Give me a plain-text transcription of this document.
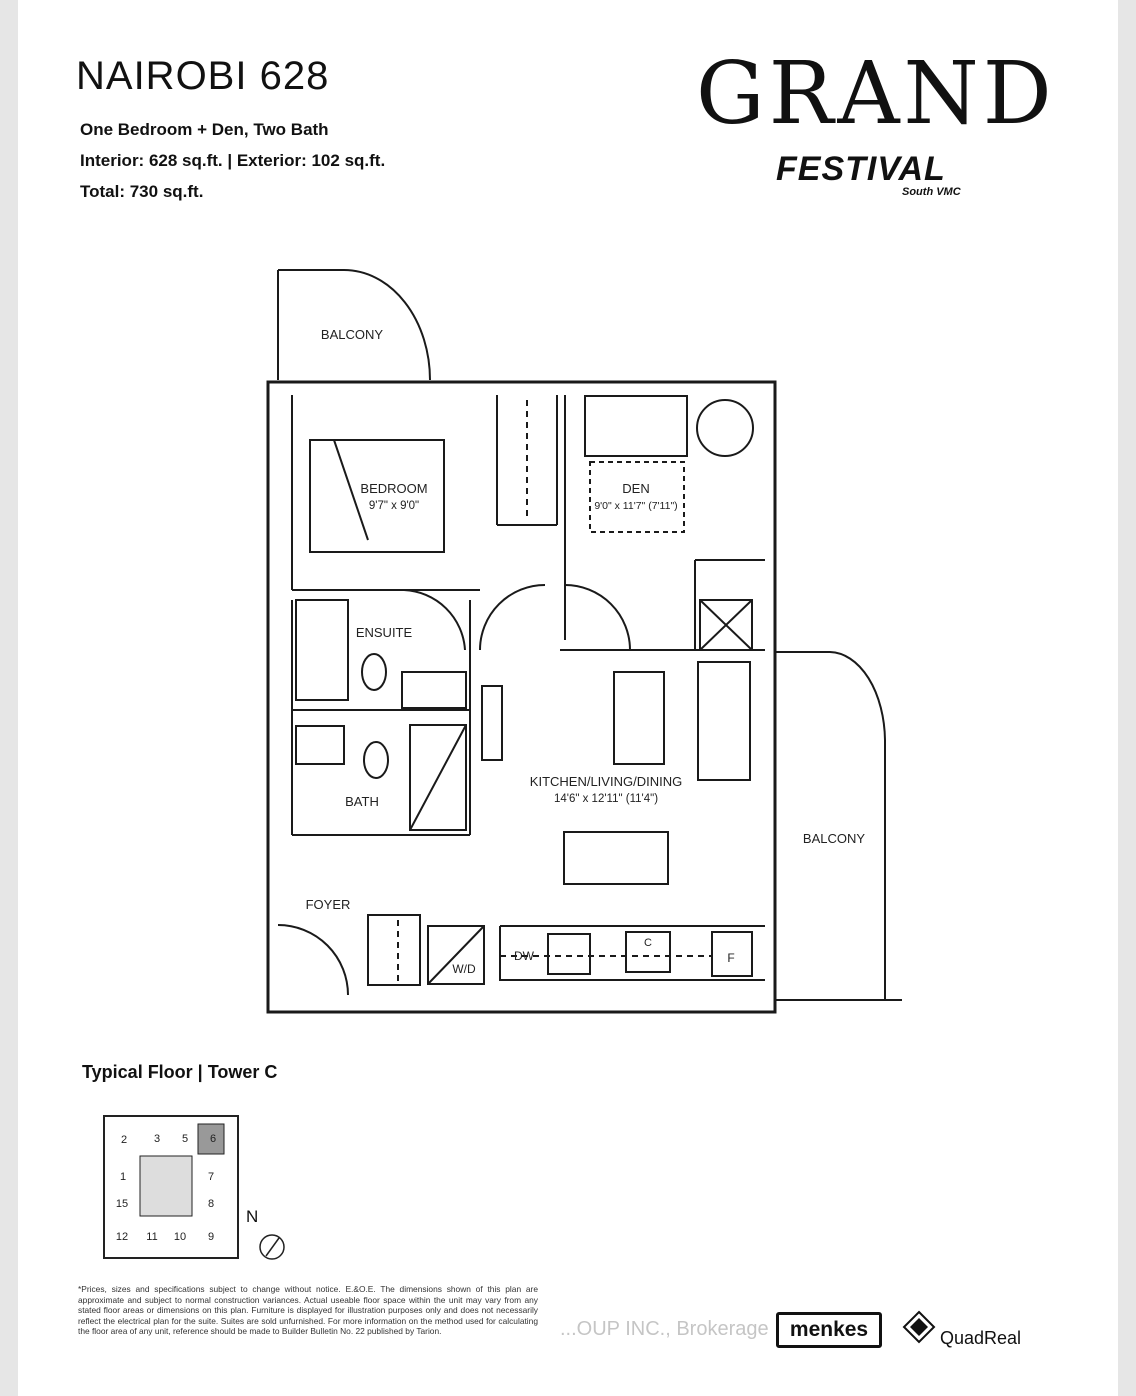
NAIROBI 628
One Bedroom + Den, Two Bath
Interior: 628 sq.ft. | Exterior: 102 sq.ft.
Total: 730 sq.ft.
GRAND
FESTIVAL
South VMC
BALCONY
BEDROOM
9'7" x 9'0"
DEN
9'0" x 11'7" (7'11")
ENSUITE
BATH
KITCHEN/LIVING/DINING
14'6" x 12'11" (11'4")
BALCONY
FOYER
W/D
DW	F
C
2 3 5 6
1	7
15	8
12 11 10 9
Typical Floor | Tower C
N
*Prices, sizes and specifications subject to change without notice. E.&O.E. The dimensions shown of this plan are approximate and subject to normal construction variances. Actual useable floor space within the unit may vary from any stated floor areas or dimensions on this plan. Furniture is displayed for illustration purposes only and does not necessarily reflect the electrical plan for the suite. Suites are sold unfurnished. For more information on the method used for calculating the floor area of any unit, reference should be made to Builder Bulletin No. 22 published by Tarion.	...OUP INC., Brokerage	menkes	QuadReal
